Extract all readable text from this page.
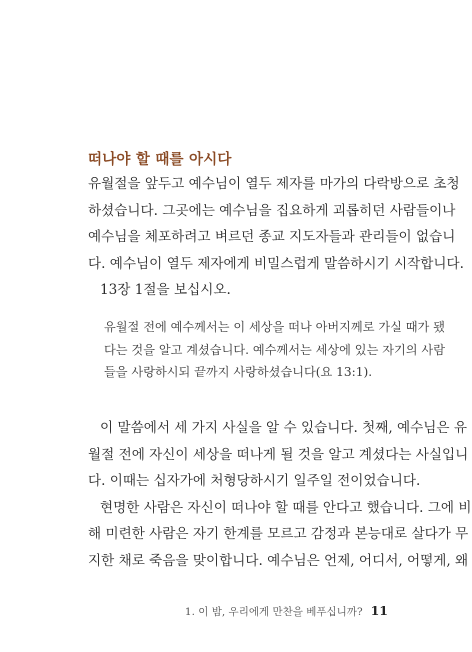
떠나야 할 때를 아시다
유월절을 앞두고 예수님이 열두 제자를 마가의 다락방으로 초청
하셨습니다. 그곳에는 예수님을 집요하게 괴롭히던 사람들이나
예수님을 체포하려고 벼르던 종교 지도자들과 관리들이 없습니
다. 예수님이 열두 제자에게 비밀스럽게 말씀하시기 시작합니다.
13장 1절을 보십시오.
유월절 전에 예수께서는 이 세상을 떠나 아버지께로 가실 때가 됐
다는 것을 알고 계셨습니다. 예수께서는 세상에 있는 자기의 사람
들을 사랑하시되 끝까지 사랑하셨습니다(요 13:1).
이 말씀에서 세 가지 사실을 알 수 있습니다. 첫째, 예수님은 유
월절 전에 자신이 세상을 떠나게 될 것을 알고 계셨다는 사실입니
다. 이때는 십자가에 처형당하시기 일주일 전이었습니다.
현명한 사람은 자신이 떠나야 할 때를 안다고 했습니다. 그에 비
해 미련한 사람은 자기 한계를 모르고 감정과 본능대로 살다가 무
지한 채로 죽음을 맞이합니다. 예수님은 언제, 어디서, 어떻게, 왜
1. 이 밤, 우리에게 만찬을 베푸십니까? 11
